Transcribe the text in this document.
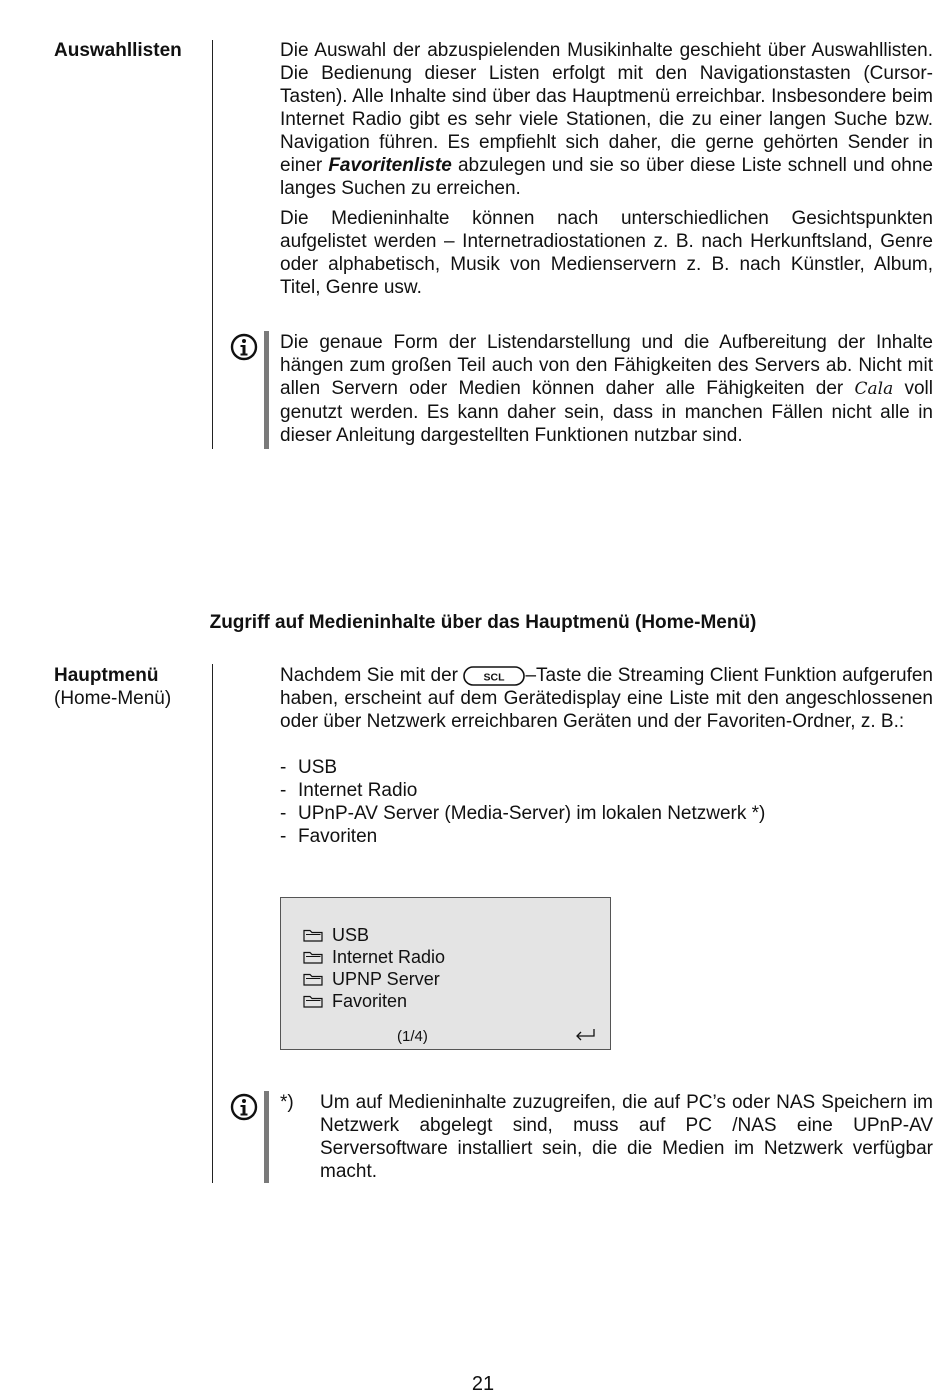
Auswahllisten	Die Auswahl der abzuspielenden Musikinhalte geschieht über Auswahllisten. Die Bedienung dieser Listen erfolgt mit den Navigationstasten (Cursor-Tasten). Alle Inhalte sind über das Hauptmenü erreichbar. Insbesondere beim Internet Radio gibt es sehr viele Stationen, die zu einer langen Suche bzw. Navigation führen. Es empfiehlt sich daher, die gerne gehörten Sender in einer Favoritenliste abzulegen und sie so über diese Liste schnell und ohne langes Suchen zu erreichen.

Die Medieninhalte können nach unterschiedlichen Gesichtspunkten aufgelistet werden – Internetradiostationen z. B. nach Herkunftsland, Genre oder alphabetisch, Musik von Medienservern z. B. nach Künstler, Album, Titel, Genre usw.

Die genaue Form der Listendarstellung und die Aufbereitung der Inhalte hängen zum großen Teil auch von den Fähigkeiten des Servers ab. Nicht mit allen Servern oder Medien können daher alle Fähigkeiten der Cala voll genutzt werden. Es kann daher sein, dass in manchen Fällen nicht alle in dieser Anleitung dargestellten Funktionen nutzbar sind.

Zugriff auf Medieninhalte über das Hauptmenü (Home-Menü)
Hauptmenü
(Home-Menü)

Nachdem Sie mit der SCL –Taste die Streaming Client Funktion aufgerufen haben, erscheint auf dem Gerätedisplay eine Liste mit den angeschlossenen oder über Netzwerk erreichbaren Geräten und der Favoriten-Ordner, z. B.:

- USB
- Internet Radio
- UPnP-AV Server (Media-Server) im lokalen Netzwerk *)
- Favoriten
USB
Internet Radio
UPNP Server
Favoriten
(1/4)
*)	Um auf Medieninhalte zuzugreifen, die auf PC’s oder NAS Speichern im Netzwerk abgelegt sind, muss auf PC /NAS eine UPnP-AV Serversoftware installiert sein, die die Medien im Netzwerk verfügbar macht.
21
